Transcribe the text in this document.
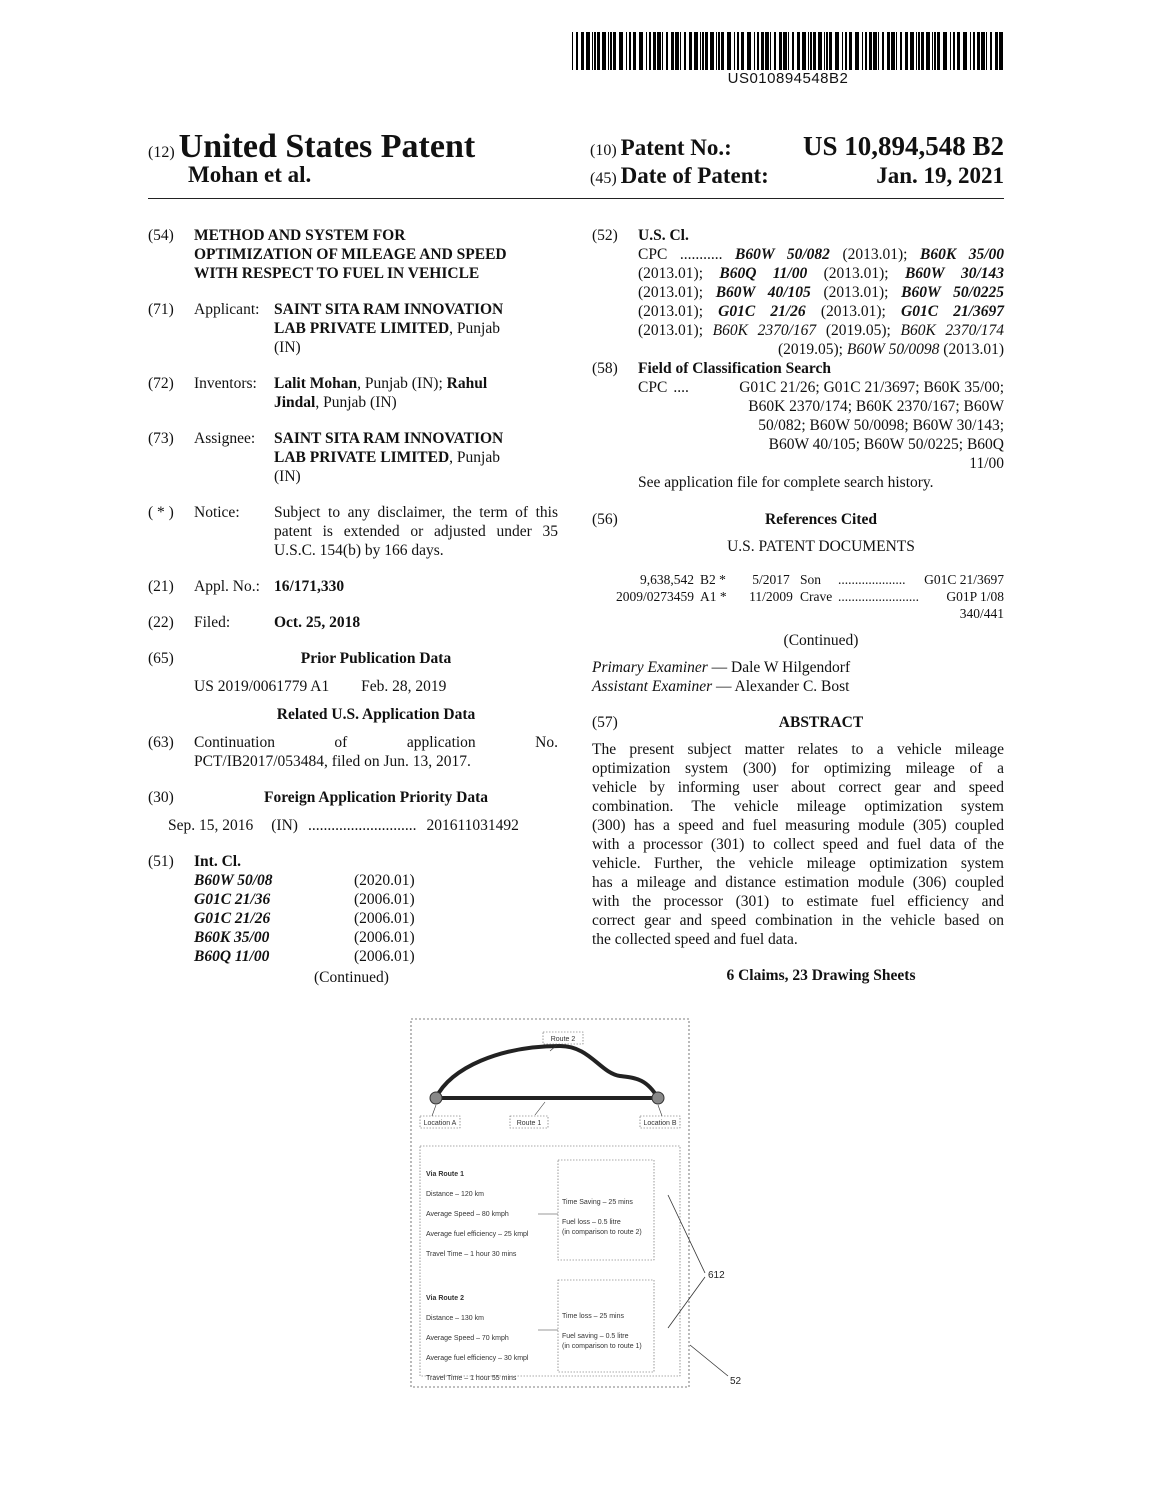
US010894548B2
(12) United States Patent
Mohan et al.
(10) Patent No.:	US 10,894,548 B2
(45) Date of Patent:	Jan. 19, 2021
(54)	METHOD AND SYSTEM FOR
OPTIMIZATION OF MILEAGE AND SPEED
WITH RESPECT TO FUEL IN VEHICLE
(71)	Applicant: SAINT SITA RAM INNOVATION
LAB PRIVATE LIMITED, Punjab
(IN)
(72)	Inventors:	Lalit Mohan, Punjab (IN); Rahul
Jindal, Punjab (IN)
(73)	Assignee:	SAINT SITA RAM INNOVATION
LAB PRIVATE LIMITED, Punjab
(IN)
( * )	Notice:	Subject to any disclaimer, the term of this
patent is extended or adjusted under 35
U.S.C. 154(b) by 166 days.
(21)	Appl. No.: 16/171,330
(22)	Filed:	Oct. 25, 2018
(65)	Prior Publication Data
US 2019/0061779 A1 Feb. 28, 2019
Related U.S. Application Data
(63)	Continuation	of	application	No.
PCT/IB2017/053484, filed on Jun. 13, 2017.
(30)	Foreign Application Priority Data
Sep. 15, 2016 (IN) ............................ 201611031492
(51)	Int. Cl.
B60W 50/08	(2020.01)
G01C 21/36	(2006.01)
G01C 21/26	(2006.01)
B60K 35/00	(2006.01)
B60Q 11/00	(2006.01)
(Continued)
(52)	U.S. Cl.
CPC ........... B60W 50/082 (2013.01); B60K 35/00 (2013.01); B60Q 11/00 (2013.01); B60W 30/143 (2013.01); B60W 40/105 (2013.01); B60W 50/0225 (2013.01); G01C 21/26 (2013.01); G01C 21/3697 (2013.01); B60K 2370/167 (2019.05); B60K 2370/174 (2019.05); B60W 50/0098 (2013.01)
(58)	Field of Classification Search
CPC ....	G01C 21/26; G01C 21/3697; B60K 35/00;
B60K 2370/174; B60K 2370/167; B60W
50/082; B60W 50/0098; B60W 30/143;
B60W 40/105; B60W 50/0225; B60Q
11/00
See application file for complete search history.
(56)	References Cited
U.S. PATENT DOCUMENTS
9,638,542 B2 *	5/2017 Son	....................	G01C 21/3697
2009/0273459 A1 *	11/2009 Crave ........................	G01P 1/08
340/441
(Continued)
Primary Examiner — Dale W Hilgendorf
Assistant Examiner — Alexander C. Bost
(57)	ABSTRACT
The present subject matter relates to a vehicle mileage
optimization system (300) for optimizing mileage of a
vehicle by informing user about correct gear and speed
combination. The vehicle mileage optimization system
(300) has a speed and fuel measuring module (305) coupled
with a processor (301) to collect speed and fuel data of the
vehicle. Further, the vehicle mileage optimization system
has a mileage and distance estimation module (306) coupled
with the processor (301) to estimate fuel efficiency and
correct gear and speed combination in the vehicle based on
the collected speed and fuel data.
6 Claims, 23 Drawing Sheets
Route 2
Location A	Route 1	Location B
Via Route 1
Distance – 120 km
Average Speed – 80 kmph
Average fuel efficiency – 25 kmpl
Travel Time – 1 hour 30 mins
Time Saving – 25 mins
Fuel loss – 0.5 litre
(in comparison to route 2)
Via Route 2
Distance – 130 km
Average Speed – 70 kmph
Average fuel efficiency – 30 kmpl
Travel Time – 1 hour 55 mins
Time loss – 25 mins
Fuel saving – 0.5 litre
(in comparison to route 1)
612
52
